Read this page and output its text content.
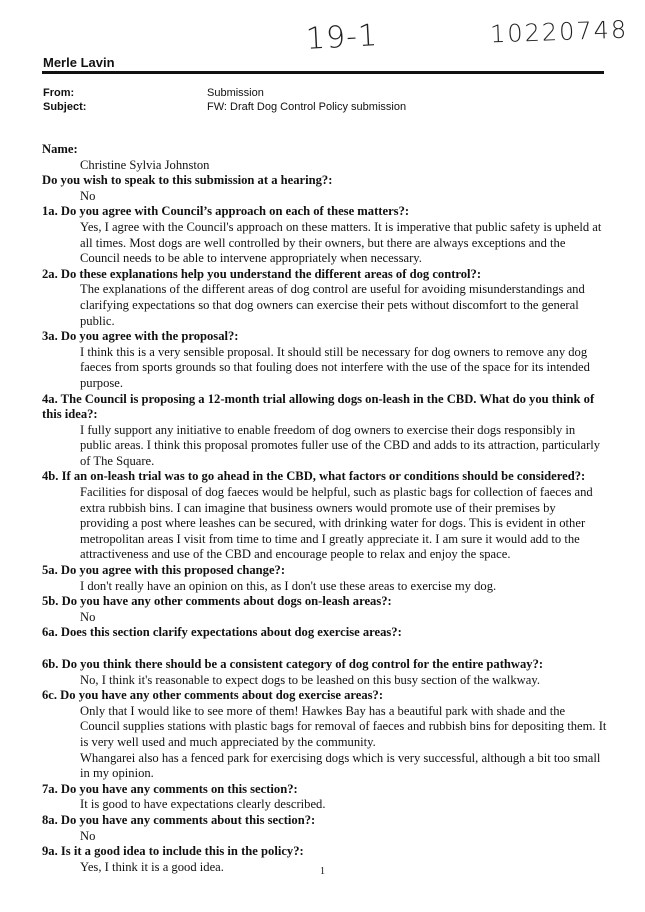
19-1	10220748
Merle Lavin
From:	Submission
Subject:	FW: Draft Dog Control Policy submission

Name:

Christine Sylvia Johnston

Do you wish to speak to this submission at a hearing?:

No

1a. Do you agree with Council’s approach on each of these matters?:

Yes, I agree with the Council's approach on these matters. It is imperative that public safety is upheld at all times. Most dogs are well controlled by their owners, but there are always exceptions and the Council needs to be able to intervene appropriately when necessary.

2a. Do these explanations help you understand the different areas of dog control?:

The explanations of the different areas of dog control are useful for avoiding misunderstandings and clarifying expectations so that dog owners can exercise their pets without discomfort to the general public.

3a. Do you agree with the proposal?:

I think this is a very sensible proposal. It should still be necessary for dog owners to remove any dog faeces from sports grounds so that fouling does not interfere with the use of the space for its intended purpose.

4a. The Council is proposing a 12-month trial allowing dogs on-leash in the CBD. What do you think of this idea?:

I fully support any initiative to enable freedom of dog owners to exercise their dogs responsibly in public areas. I think this proposal promotes fuller use of the CBD and adds to its attraction, particularly of The Square.

4b. If an on-leash trial was to go ahead in the CBD, what factors or conditions should be considered?:

Facilities for disposal of dog faeces would be helpful, such as plastic bags for collection of faeces and extra rubbish bins. I can imagine that business owners would promote use of their premises by providing a post where leashes can be secured, with drinking water for dogs. This is evident in other metropolitan areas I visit from time to time and I greatly appreciate it. I am sure it would add to the attractiveness and use of the CBD and encourage people to relax and enjoy the space.

5a. Do you agree with this proposed change?:

I don't really have an opinion on this, as I don't use these areas to exercise my dog.

5b. Do you have any other comments about dogs on-leash areas?:

No

6a. Does this section clarify expectations about dog exercise areas?:

6b. Do you think there should be a consistent category of dog control for the entire pathway?:

No, I think it's reasonable to expect dogs to be leashed on this busy section of the walkway.

6c. Do you have any other comments about dog exercise areas?:

Only that I would like to see more of them! Hawkes Bay has a beautiful park with shade and the Council supplies stations with plastic bags for removal of faeces and rubbish bins for depositing them. It is very well used and much appreciated by the community.

Whangarei also has a fenced park for exercising dogs which is very successful, although a bit too small in my opinion.

7a. Do you have any comments on this section?:

It is good to have expectations clearly described.

8a. Do you have any comments about this section?:

No

9a. Is it a good idea to include this in the policy?:

Yes, I think it is a good idea.	1
